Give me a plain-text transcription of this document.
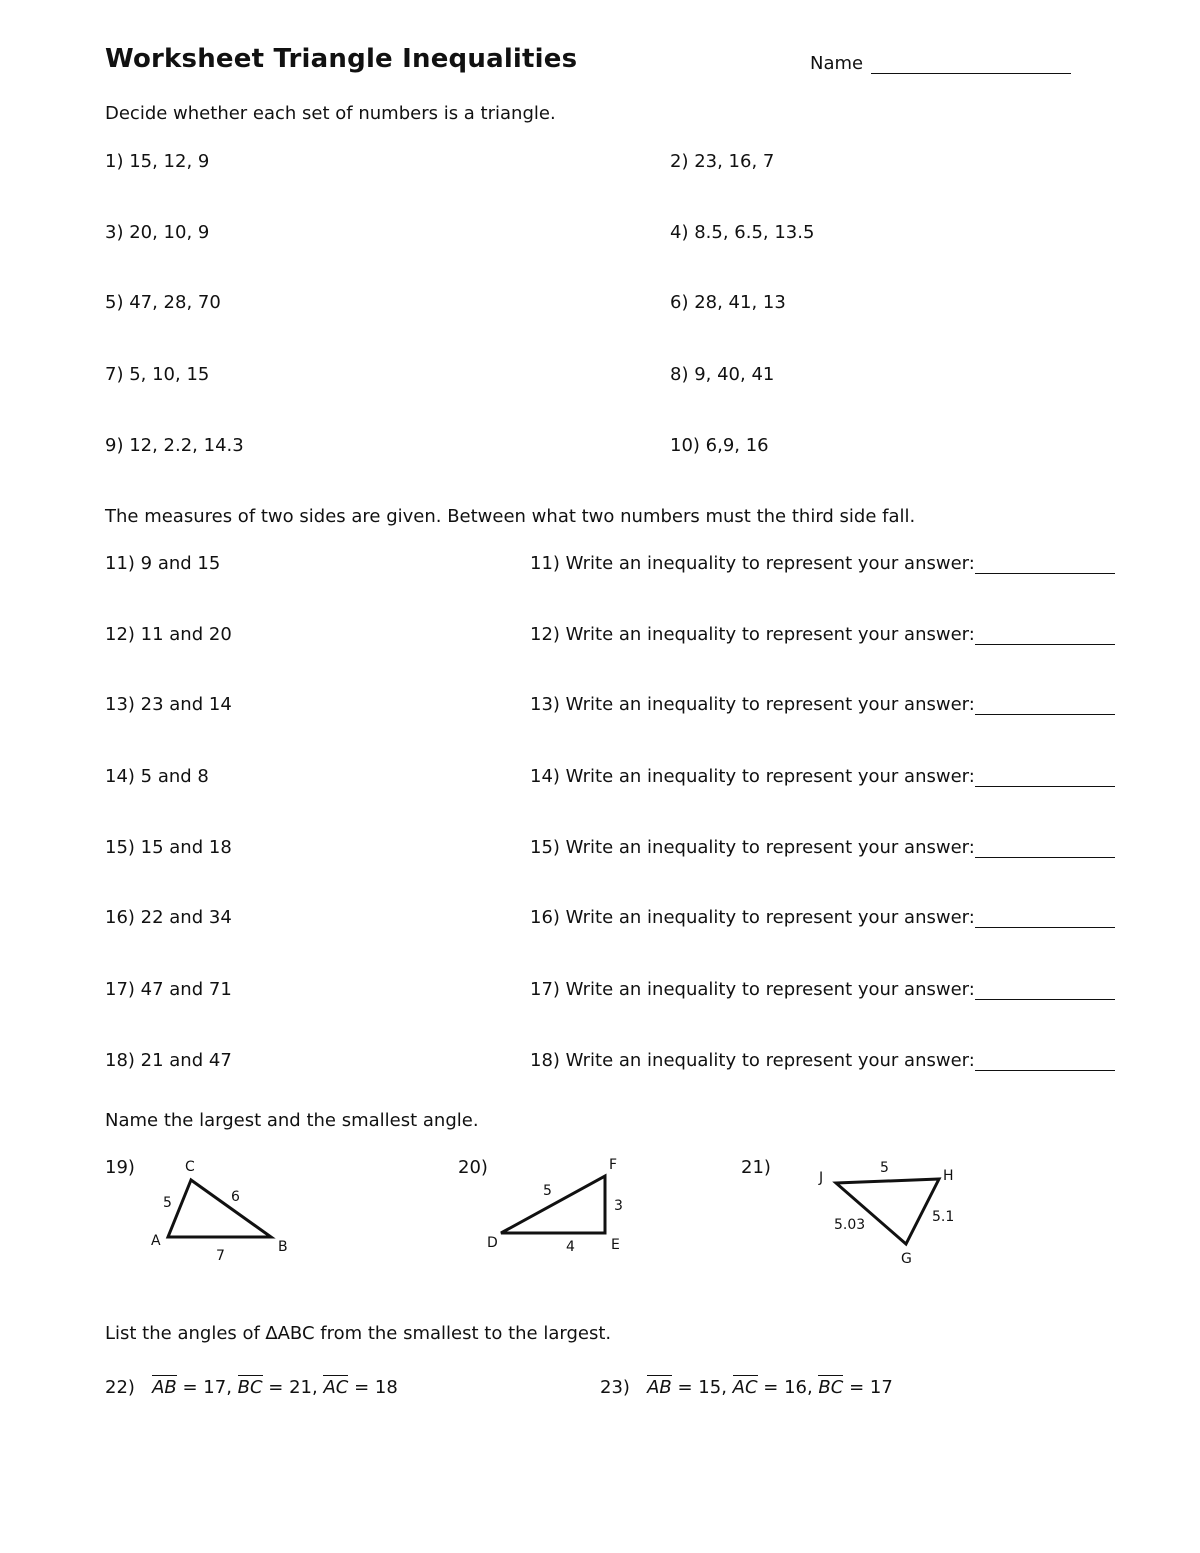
Worksheet Triangle Inequalities	Name
Decide whether each set of numbers is a triangle.
1) 15, 12, 9	2) 23, 16, 7
3) 20, 10, 9	4) 8.5, 6.5, 13.5
5) 47, 28, 70	6) 28, 41, 13
7) 5, 10, 15	8) 9, 40, 41
9) 12, 2.2, 14.3	10) 6,9, 16
The measures of two sides are given. Between what two numbers must the third side fall.
11) 9 and 15	11) Write an inequality to represent your answer:
12) 11 and 20	12) Write an inequality to represent your answer:
13) 23 and 14	13) Write an inequality to represent your answer:
14) 5 and 8	14) Write an inequality to represent your answer:
15) 15 and 18	15) Write an inequality to represent your answer:
16) 22 and 34	16) Write an inequality to represent your answer:
17) 47 and 71	17) Write an inequality to represent your answer:
18) 21 and 47	18) Write an inequality to represent your answer:
Name the largest and the smallest angle.
19)	20)	21)
C
A	B
5	6
7
F
D	E
5
3
4
J	H
G
5
5.03	5.1
List the angles of ∆ABC from the smallest to the largest.
22) AB = 17, BC = 21, AC = 18	23) AB = 15, AC = 16, BC = 17
